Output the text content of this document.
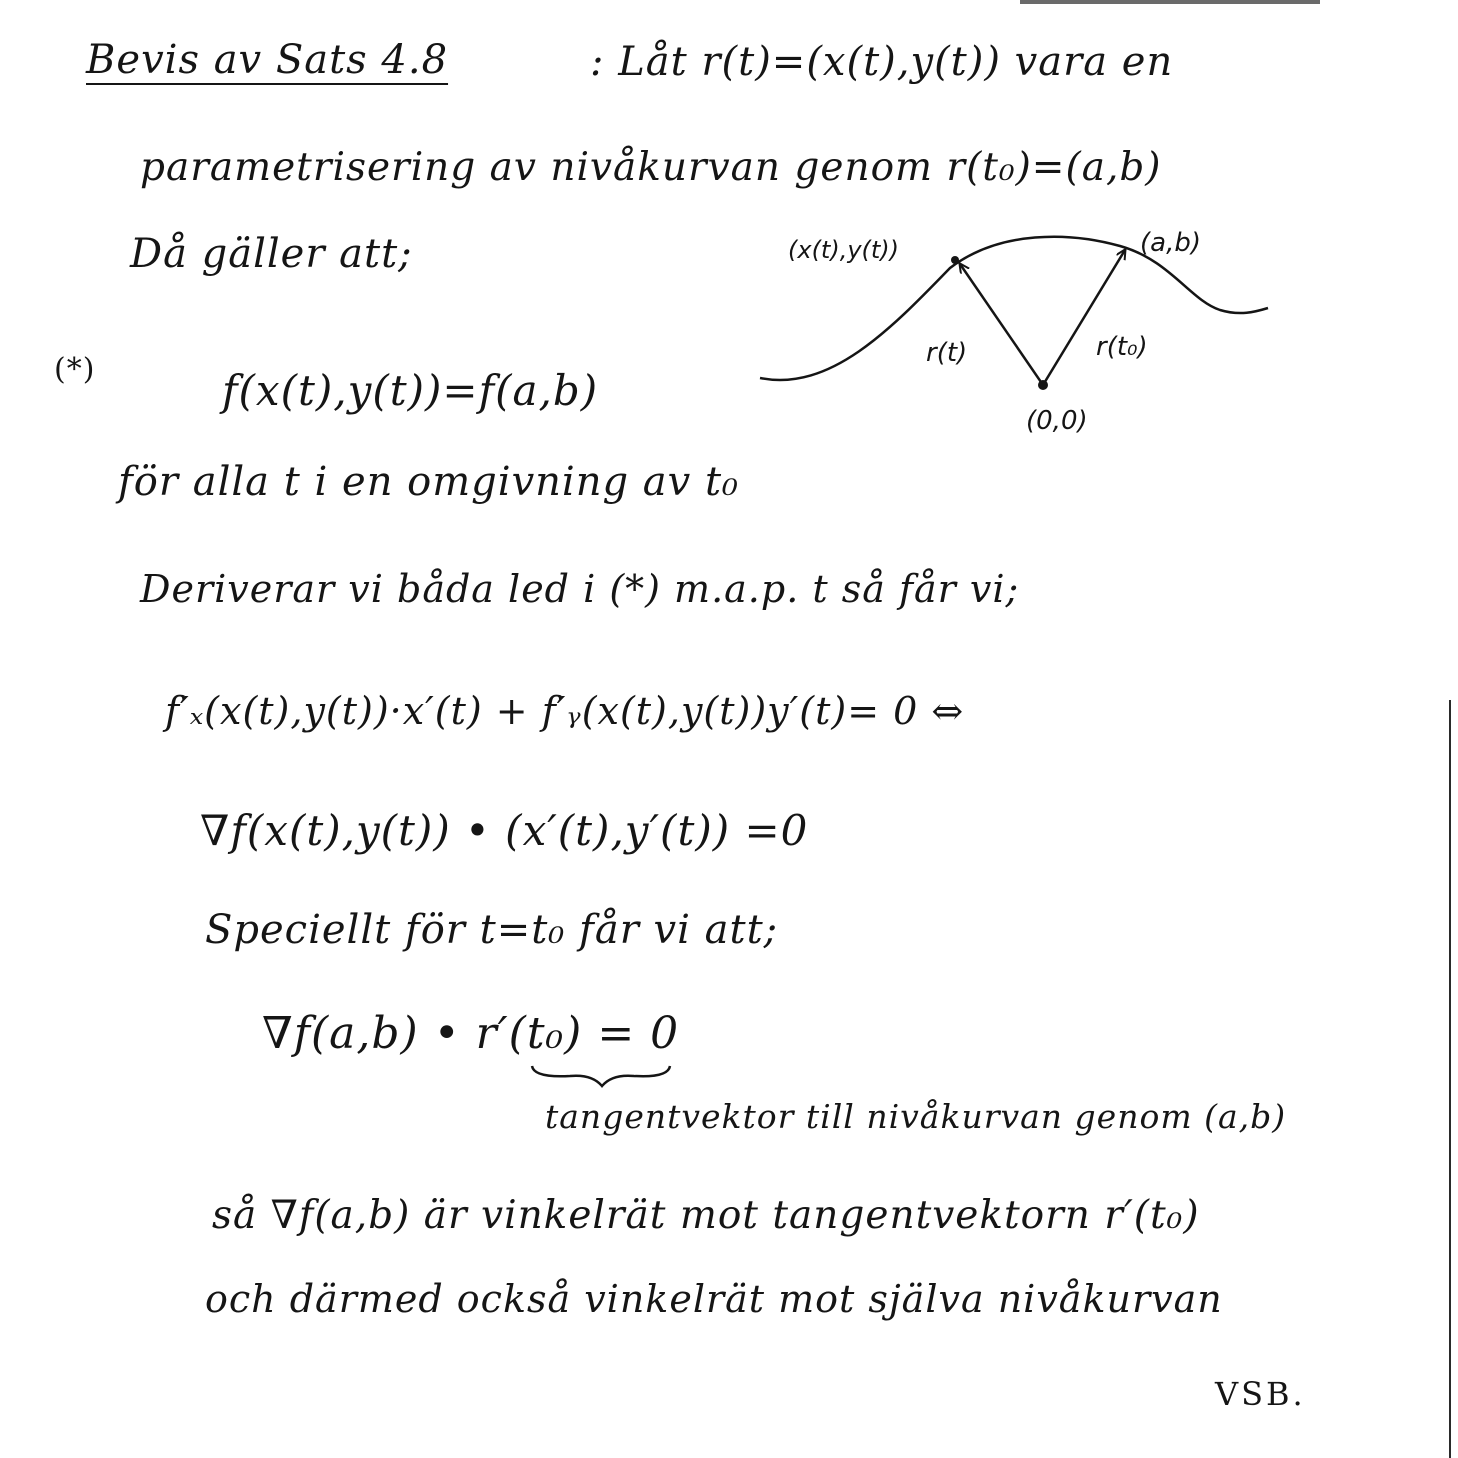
Bevis av Sats 4.8	: Låt r(t)=(x(t),y(t)) vara en
parametrisering av nivåkurvan genom r(t₀)=(a,b)
Då gäller att;
(*)	f(x(t),y(t))=f(a,b)
för alla t i en omgivning av t₀
Deriverar vi båda led i (*) m.a.p. t så får vi;
f′ₓ(x(t),y(t))·x′(t) + f′ᵧ(x(t),y(t))y′(t)= 0 ⇔
∇f(x(t),y(t)) • (x′(t),y′(t)) =0
Speciellt för t=t₀ får vi att;
∇f(a,b) • r′(t₀) = 0
tangentvektor till nivåkurvan genom (a,b)
så ∇f(a,b) är vinkelrät mot tangentvektorn r′(t₀)
och därmed också vinkelrät mot själva nivåkurvan
VSB.
(x(t),y(t))	(a,b)
r(t)	r(t₀)
(0,0)
